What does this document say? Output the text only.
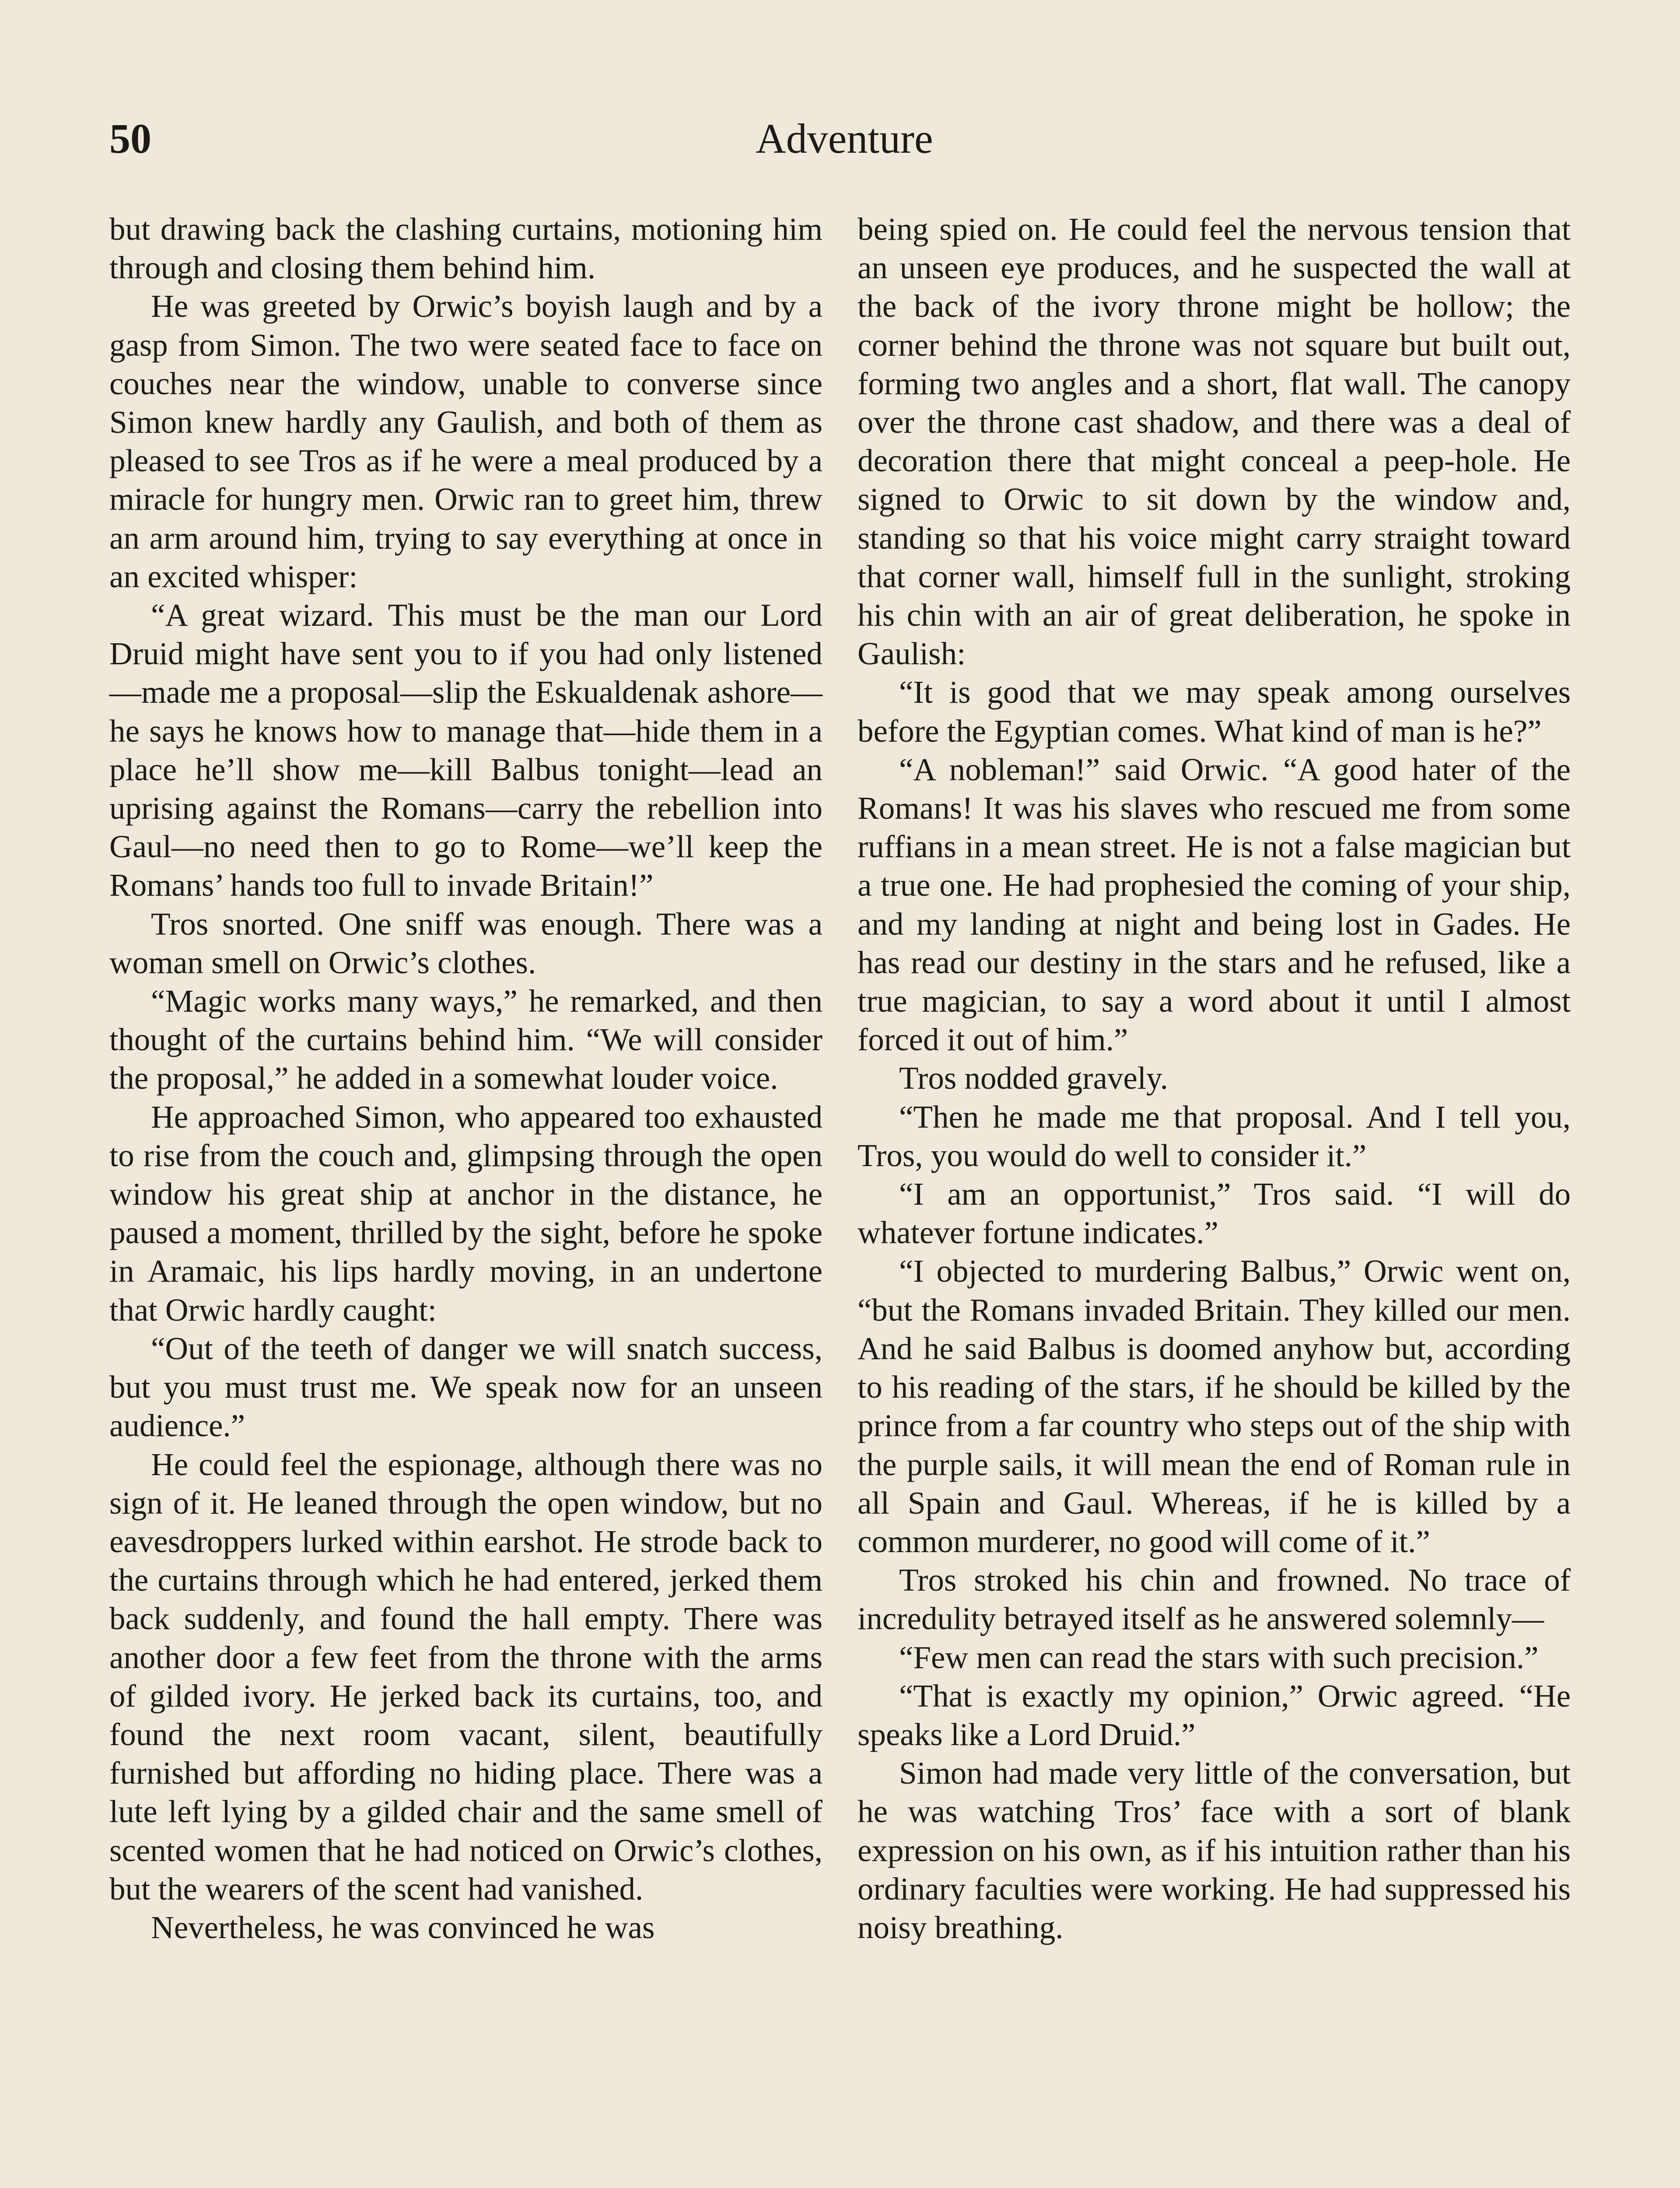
50	Adventure

but drawing back the clashing curtains, motioning him through and closing them behind him.

He was greeted by Orwic’s boyish laugh and by a gasp from Simon. The two were seated face to face on couches near the window, unable to converse since Simon knew hardly any Gaulish, and both of them as pleased to see Tros as if he were a meal produced by a miracle for hungry men. Orwic ran to greet him, threw an arm around him, trying to say everything at once in an excited whisper:

“A great wizard. This must be the man our Lord Druid might have sent you to if you had only listened—made me a proposal—slip the Eskualdenak ashore—he says he knows how to manage that—hide them in a place he’ll show me—kill Balbus tonight—lead an uprising against the Romans—carry the rebellion into Gaul—no need then to go to Rome—we’ll keep the Romans’ hands too full to invade Britain!”

Tros snorted. One sniff was enough. There was a woman smell on Orwic’s clothes.

“Magic works many ways,” he remarked, and then thought of the curtains behind him. “We will consider the proposal,” he added in a somewhat louder voice.

He approached Simon, who appeared too exhausted to rise from the couch and, glimpsing through the open window his great ship at anchor in the distance, he paused a moment, thrilled by the sight, before he spoke in Aramaic, his lips hardly moving, in an undertone that Orwic hardly caught:

“Out of the teeth of danger we will snatch success, but you must trust me. We speak now for an unseen audience.”

He could feel the espionage, although there was no sign of it. He leaned through the open window, but no eavesdroppers lurked within earshot. He strode back to the curtains through which he had entered, jerked them back suddenly, and found the hall empty. There was another door a few feet from the throne with the arms of gilded ivory. He jerked back its curtains, too, and found the next room vacant, silent, beautifully furnished but affording no hiding place. There was a lute left lying by a gilded chair and the same smell of scented women that he had noticed on Orwic’s clothes, but the wearers of the scent had vanished.

Nevertheless, he was convinced he was

being spied on. He could feel the nervous tension that an unseen eye produces, and he suspected the wall at the back of the ivory throne might be hollow; the corner behind the throne was not square but built out, forming two angles and a short, flat wall. The canopy over the throne cast shadow, and there was a deal of decoration there that might conceal a peep-hole. He signed to Orwic to sit down by the window and, standing so that his voice might carry straight toward that corner wall, himself full in the sunlight, stroking his chin with an air of great deliberation, he spoke in Gaulish:

“It is good that we may speak among ourselves before the Egyptian comes. What kind of man is he?”

“A nobleman!” said Orwic. “A good hater of the Romans! It was his slaves who rescued me from some ruffians in a mean street. He is not a false magician but a true one. He had prophesied the coming of your ship, and my landing at night and being lost in Gades. He has read our destiny in the stars and he refused, like a true magician, to say a word about it until I almost forced it out of him.”

Tros nodded gravely.

“Then he made me that proposal. And I tell you, Tros, you would do well to consider it.”

“I am an opportunist,” Tros said. “I will do whatever fortune indicates.”

“I objected to murdering Balbus,” Orwic went on, “but the Romans invaded Britain. They killed our men. And he said Balbus is doomed anyhow but, according to his reading of the stars, if he should be killed by the prince from a far country who steps out of the ship with the purple sails, it will mean the end of Roman rule in all Spain and Gaul. Whereas, if he is killed by a common murderer, no good will come of it.”

Tros stroked his chin and frowned. No trace of incredulity betrayed itself as he answered solemnly—

“Few men can read the stars with such precision.”

“That is exactly my opinion,” Orwic agreed. “He speaks like a Lord Druid.”

Simon had made very little of the conversation, but he was watching Tros’ face with a sort of blank expression on his own, as if his intuition rather than his ordinary faculties were working. He had suppressed his noisy breathing.
